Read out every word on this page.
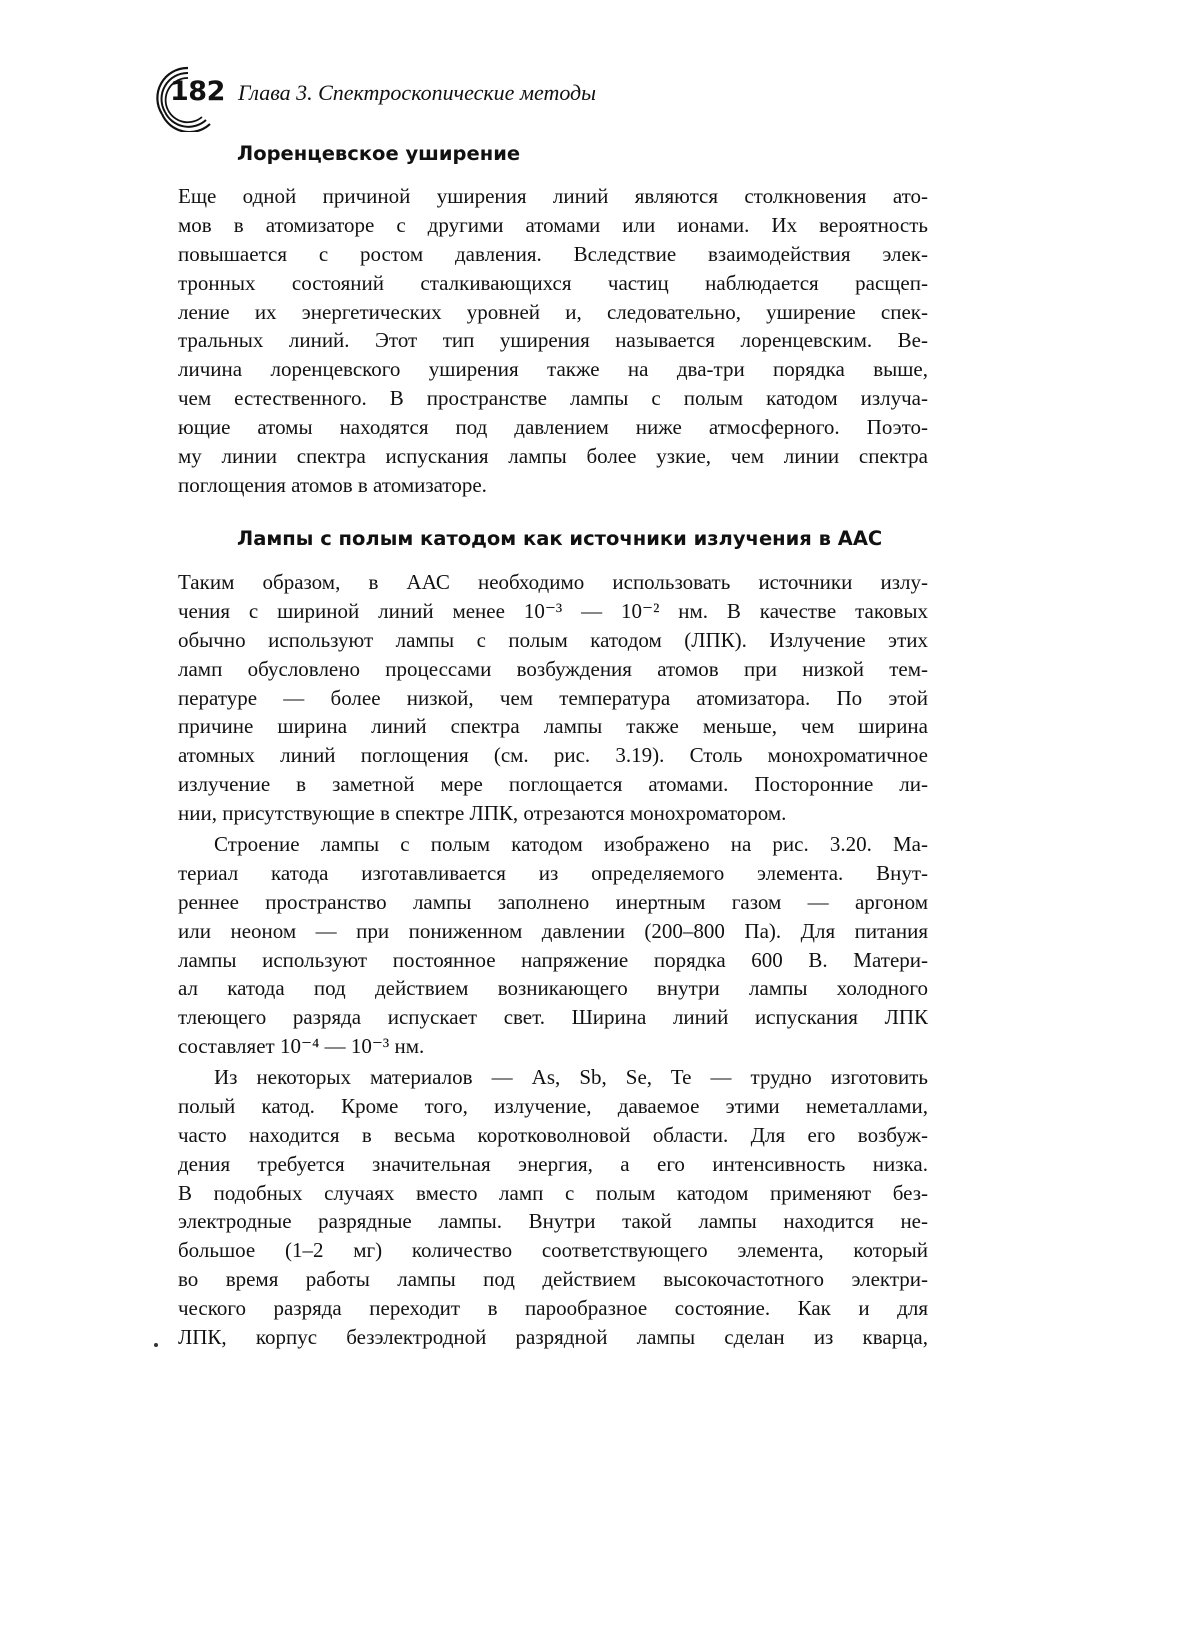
182 Глава 3. Спектроскопические методы
Лоренцевское уширение
Еще одной причиной уширения линий являются столкновения ато-
мов в атомизаторе с другими атомами или ионами. Их вероятность
повышается с ростом давления. Вследствие взаимодействия элек-
тронных состояний сталкивающихся частиц наблюдается расщеп-
ление их энергетических уровней и, следовательно, уширение спек-
тральных линий. Этот тип уширения называется лоренцевским. Ве-
личина лоренцевского уширения также на два-три порядка выше,
чем естественного. В пространстве лампы с полым катодом излуча-
ющие атомы находятся под давлением ниже атмосферного. Поэто-
му линии спектра испускания лампы более узкие, чем линии спектра
поглощения атомов в атомизаторе.
Лампы с полым катодом как источники излучения в ААС
Таким образом, в ААС необходимо использовать источники излу-
чения с шириной линий менее 10⁻³ — 10⁻² нм. В качестве таковых
обычно используют лампы с полым катодом (ЛПК). Излучение этих
ламп обусловлено процессами возбуждения атомов при низкой тем-
пературе — более низкой, чем температура атомизатора. По этой
причине ширина линий спектра лампы также меньше, чем ширина
атомных линий поглощения (см. рис. 3.19). Столь монохроматичное
излучение в заметной мере поглощается атомами. Посторонние ли-
нии, присутствующие в спектре ЛПК, отрезаются монохроматором.
Строение лампы с полым катодом изображено на рис. 3.20. Ма-
териал катода изготавливается из определяемого элемента. Внут-
реннее пространство лампы заполнено инертным газом — аргоном
или неоном — при пониженном давлении (200–800 Па). Для питания
лампы используют постоянное напряжение порядка 600 В. Матери-
ал катода под действием возникающего внутри лампы холодного
тлеющего разряда испускает свет. Ширина линий испускания ЛПК
составляет 10⁻⁴ — 10⁻³ нм.
Из некоторых материалов — As, Sb, Se, Te — трудно изготовить
полый катод. Кроме того, излучение, даваемое этими неметаллами,
часто находится в весьма коротковолновой области. Для его возбуж-
дения требуется значительная энергия, а его интенсивность низка.
В подобных случаях вместо ламп с полым катодом применяют без-
электродные разрядные лампы. Внутри такой лампы находится не-
большое (1–2 мг) количество соответствующего элемента, который
во время работы лампы под действием высокочастотного электри-
ческого разряда переходит в парообразное состояние. Как и для
ЛПК, корпус безэлектродной разрядной лампы сделан из кварца,
